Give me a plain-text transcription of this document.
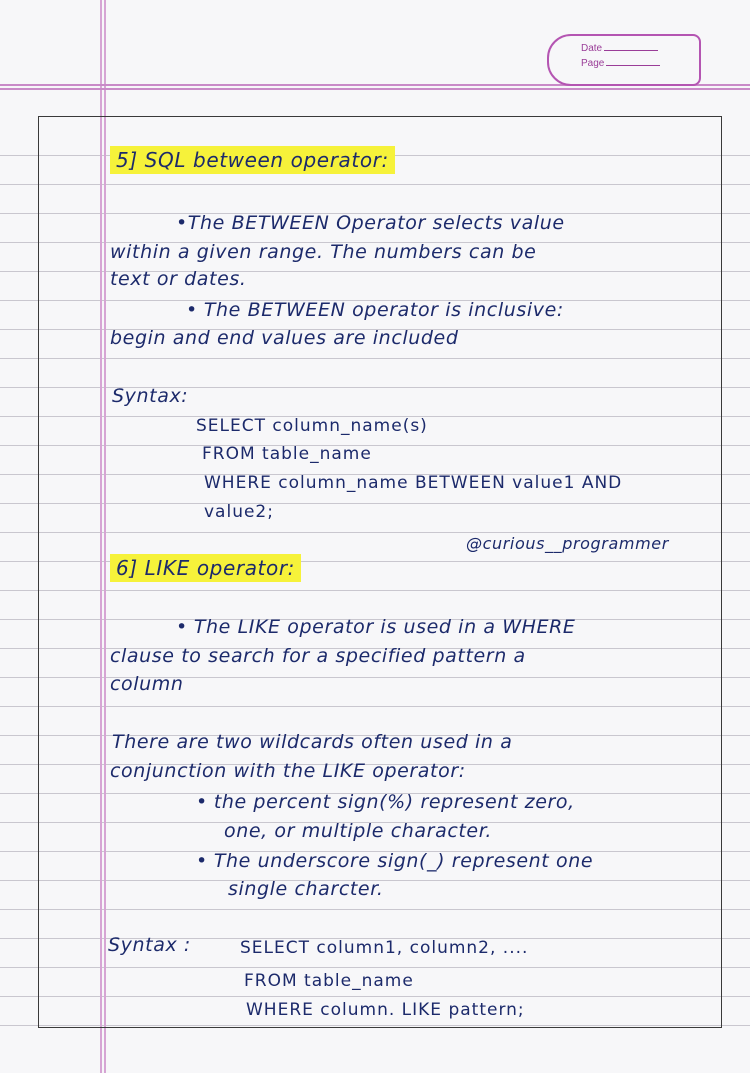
Date
Page
5] SQL between operator:
•The BETWEEN Operator selects value
within a given range. The numbers can be
text or dates.
• The BETWEEN operator is inclusive:
begin and end values are included
Syntax:
SELECT column_name(s)
FROM table_name
WHERE column_name BETWEEN value1 AND
value2;
@curious__programmer
6] LIKE operator:
• The LIKE operator is used in a WHERE
clause to search for a specified pattern a
column
There are two wildcards often used in a
conjunction with the LIKE operator:
• the percent sign(%) represent zero,
one, or multiple character.
• The underscore sign(_) represent one
single charcter.
Syntax :	SELECT column1, column2, ....
FROM table_name
WHERE column. LIKE pattern;
